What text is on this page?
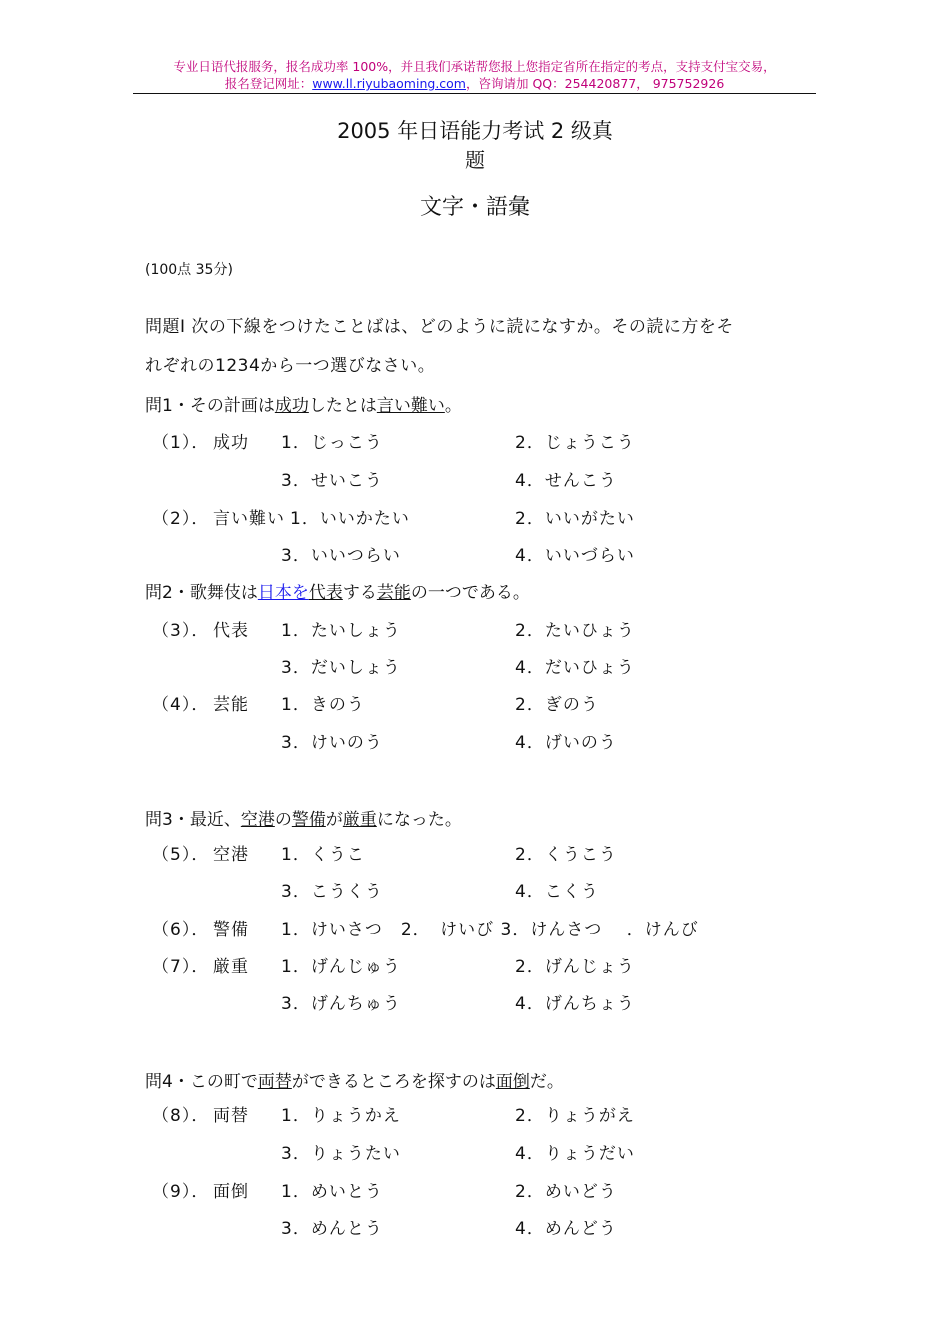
专业日语代报服务，报名成功率 100%，并且我们承诺帮您报上您指定省所在指定的考点，支持支付宝交易，
报名登记网址：www.ll.riyubaoming.com，咨询请加 QQ：254420877， 975752926
2005 年日语能力考试 2 级真
题
文字・語彙
(100点 35分)
問題Ⅰ 次の下線をつけたことばは、どのように読になすか。その読に方をそ
れぞれの1234から一つ選びなさい。
問1・その計画は成功したとは言い難い。
（1）． 成功 1．じっこう	2．じょうこう
3．せいこう	4．せんこう
（2）． 言い難い 1．いいかたい	2．いいがたい
3．いいつらい	4．いいづらい
問2・歌舞伎は日本を代表する芸能の一つである。
（3）． 代表 1．たいしょう	2．たいひょう
3．だいしょう	4．だいひょう
（4）． 芸能 1．きのう	2．ぎのう
3．けいのう	4．げいのう
問3・最近、空港の警備が厳重になった。
（5）． 空港 1．くうこ	2．くうこう
3．こうくう	4．こくう
（6）． 警備 1．けいさつ　2．　けいび 3．けんさつ　 ．けんび
（7）． 厳重 1．げんじゅう	2．げんじょう
3．げんちゅう	4．げんちょう
問4・この町で両替ができるところを探すのは面倒だ。
（8）． 両替 1．りょうかえ	2．りょうがえ
3．りょうたい	4．りょうだい
（9）． 面倒 1．めいとう	2．めいどう
3．めんとう	4．めんどう
